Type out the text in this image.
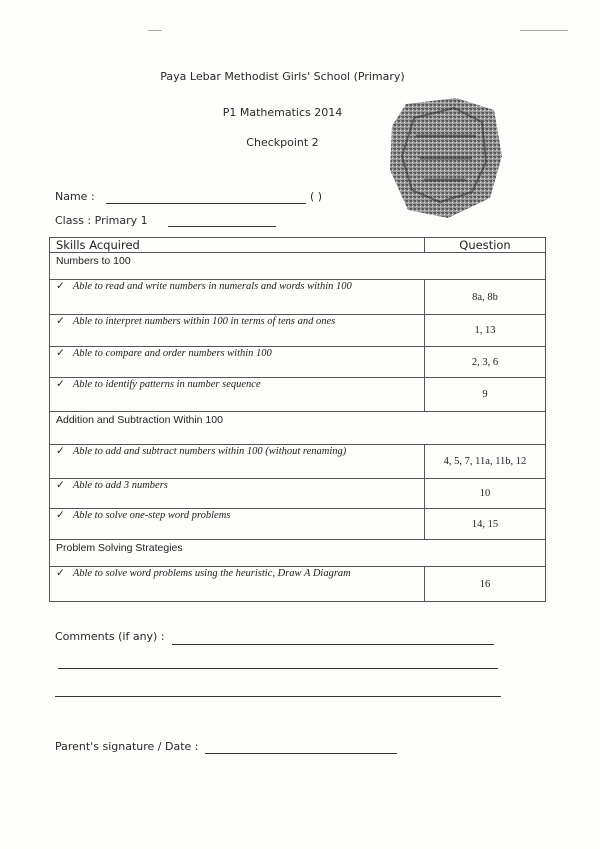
Paya Lebar Methodist Girls' School (Primary)
P1 Mathematics 2014
Checkpoint 2
Name :	( )
Class : Primary 1
Skills Acquired	Question
Numbers to 100	
✓ Able to read and write numbers in numerals and words within 100	8a, 8b
✓ Able to interpret numbers within 100 in terms of tens and ones	1, 13
✓ Able to compare and order numbers within 100	2, 3, 6
✓ Able to identify patterns in number sequence	9
Addition and Subtraction Within 100	
✓ Able to add and subtract numbers within 100 (without renaming)	4, 5, 7, 11a, 11b, 12
✓ Able to add 3 numbers	10
✓ Able to solve one-step word problems	14, 15
Problem Solving Strategies	
✓ Able to solve word problems using the heuristic, Draw A Diagram	16
Comments (if any) :
Parent's signature / Date :
